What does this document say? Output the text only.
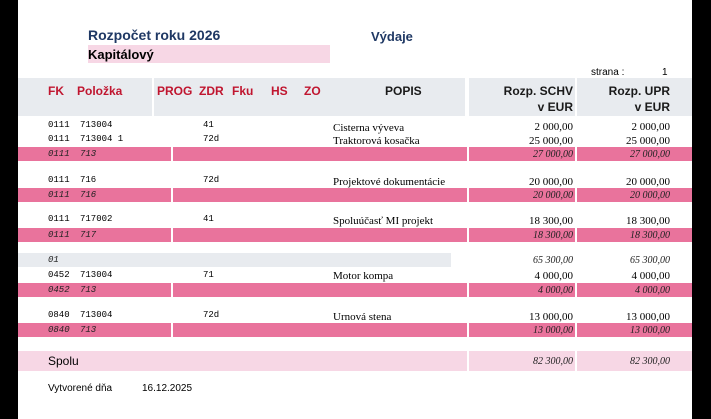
Rozpočet roku 2026
Kapitálový
Výdaje
strana :	1
FK Položka	PROG ZDR Fku HS ZO	POPIS	Rozp. SCHV
v EUR
Rozp. UPR
v EUR
0111 713004	41	Cisterna výveva	2 000,00	2 000,00
0111 713004 1	72d	Traktorová kosačka	25 000,00	25 000,00
0111 713	27 000,00	27 000,00
0111 716	72d	Projektové dokumentácie	20 000,00	20 000,00
0111 716	20 000,00	20 000,00
0111 717002	41	Spoluúčasť MI projekt	18 300,00	18 300,00
0111 717	18 300,00	18 300,00
01	65 300,00	65 300,00
0452 713004	71	Motor kompa	4 000,00	4 000,00
0452 713	4 000,00	4 000,00
0840 713004	72d	Urnová stena	13 000,00	13 000,00
0840 713	13 000,00	13 000,00
Spolu	82 300,00	82 300,00
Vytvorené dňa	16.12.2025
